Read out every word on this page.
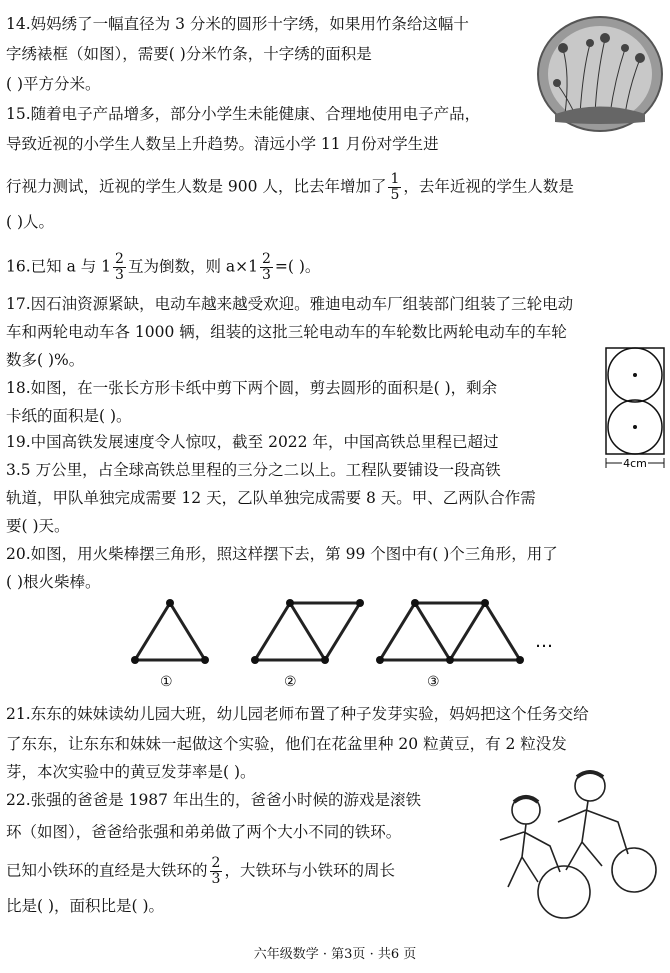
14.妈妈绣了一幅直径为 3 分米的圆形十字绣，如果用竹条给这幅十
字绣裱框（如图），需要( )分米竹条，十字绣的面积是
( )平方分米。
15.随着电子产品增多，部分小学生未能健康、合理地使用电子产品，
导致近视的小学生人数呈上升趋势。清远小学 11 月份对学生进
行视力测试，近视的学生人数是 900 人，比去年增加了 $\frac{1}{5}$ ，去年近视的学生人数是
( )人。
16.已知 a 与 $1 \frac{2}{3}$ 互为倒数，则 $a\times 1 \frac{2}{3}$ =( )。
17.因石油资源紧缺，电动车越来越受欢迎。雅迪电动车厂组装部门组装了三轮电动
车和两轮电动车各 1000 辆，组装的这批三轮电动车的车轮数比两轮电动车的车轮
数多( )%。
18.如图，在一张长方形卡纸中剪下两个圆，剪去圆形的面积是( )，剩余
卡纸的面积是( )。
4cm
19.中国高铁发展速度令人惊叹，截至 2022 年，中国高铁总里程已超过
3.5 万公里，占全球高铁总里程的三分之二以上。工程队要铺设一段高铁
轨道，甲队单独完成需要 12 天，乙队单独完成需要 8 天。甲、乙两队合作需
要( )天。
20.如图，用火柴棒摆三角形，照这样摆下去，第 99 个图中有( )个三角形，用了
( )根火柴棒。
…
①	②	③
21.东东的妹妹读幼儿园大班，幼儿园老师布置了种子发芽实验，妈妈把这个任务交给
了东东，让东东和妹妹一起做这个实验，他们在花盆里种 20 粒黄豆，有 2 粒没发
芽，本次实验中的黄豆发芽率是( )。
22.张强的爸爸是 1987 年出生的，爸爸小时候的游戏是滚铁
环（如图），爸爸给张强和弟弟做了两个大小不同的铁环。
已知小铁环的直经是大铁环的 $\frac{2}{3}$ ，大铁环与小铁环的周长
比是( )，面积比是( )。
六年级数学 · 第3页 · 共6 页
